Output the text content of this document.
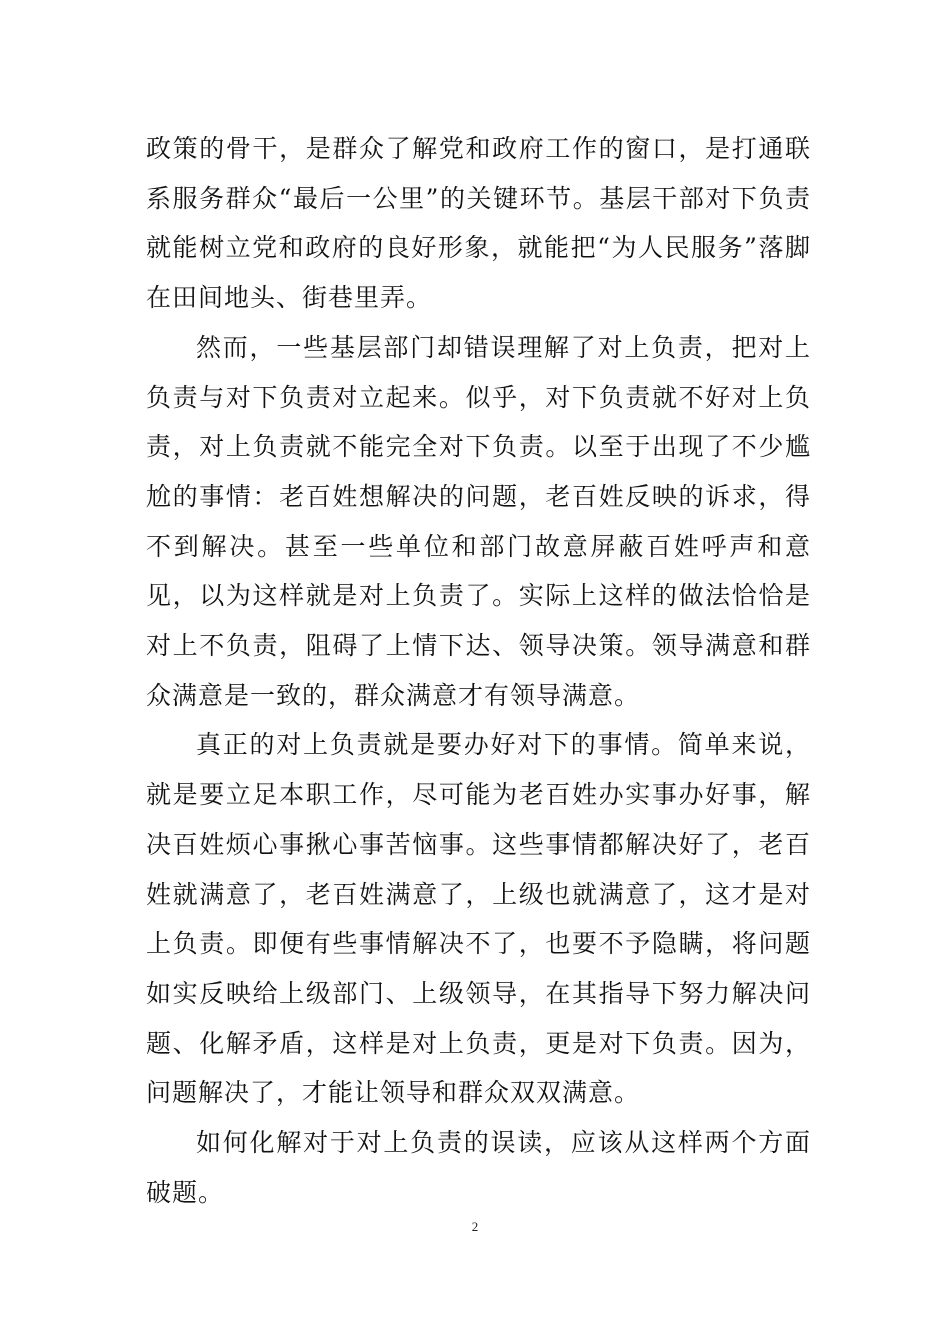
政策的骨干，是群众了解党和政府工作的窗口，是打通联系服务群众“最后一公里”的关键环节。基层干部对下负责就能树立党和政府的良好形象，就能把“为人民服务”落脚在田间地头、街巷里弄。

然而，一些基层部门却错误理解了对上负责，把对上负责与对下负责对立起来。似乎，对下负责就不好对上负责，对上负责就不能完全对下负责。以至于出现了不少尴尬的事情：老百姓想解决的问题，老百姓反映的诉求，得不到解决。甚至一些单位和部门故意屏蔽百姓呼声和意见，以为这样就是对上负责了。实际上这样的做法恰恰是对上不负责，阻碍了上情下达、领导决策。领导满意和群众满意是一致的，群众满意才有领导满意。

真正的对上负责就是要办好对下的事情。简单来说，就是要立足本职工作，尽可能为老百姓办实事办好事，解决百姓烦心事揪心事苦恼事。这些事情都解决好了，老百姓就满意了，老百姓满意了，上级也就满意了，这才是对上负责。即便有些事情解决不了，也要不予隐瞒，将问题如实反映给上级部门、上级领导，在其指导下努力解决问题、化解矛盾，这样是对上负责，更是对下负责。因为，问题解决了，才能让领导和群众双双满意。

如何化解对于对上负责的误读，应该从这样两个方面破题。

2
